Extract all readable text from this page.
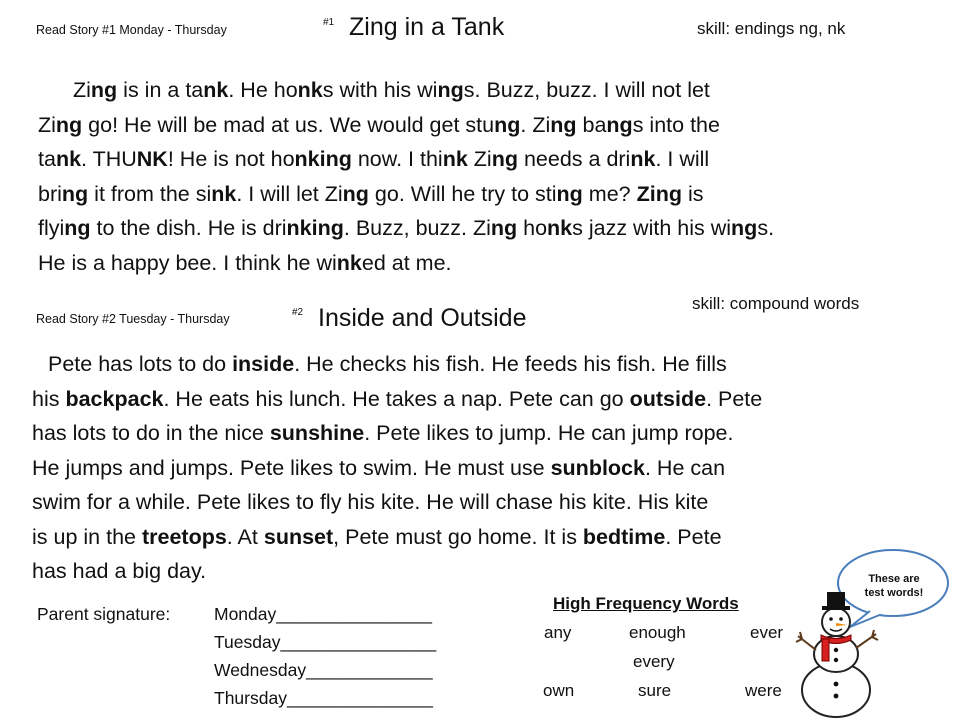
Read Story #1 Monday - Thursday
#1 Zing in a Tank	skill: endings ng, nk
Zing is in a tank. He honks with his wings. Buzz, buzz. I will not let
Zing go! He will be mad at us. We would get stung. Zing bangs into the
tank. THUNK! He is not honking now. I think Zing needs a drink. I will
bring it from the sink. I will let Zing go. Will he try to sting me? Zing is
flying to the dish. He is drinking. Buzz, buzz. Zing honks jazz with his wings.
He is a happy bee. I think he winked at me.
skill: compound words
Read Story #2 Tuesday - Thursday	#2 Inside and Outside
Pete has lots to do inside. He checks his fish. He feeds his fish. He fills
his backpack. He eats his lunch. He takes a nap. Pete can go outside. Pete
has lots to do in the nice sunshine. Pete likes to jump. He can jump rope.
He jumps and jumps. Pete likes to swim. He must use sunblock. He can
swim for a while. Pete likes to fly his kite. He will chase his kite. His kite
is up in the treetops. At sunset, Pete must go home. It is bedtime. Pete
has had a big day.
Parent signature: Monday________________
Tuesday________________
Wednesday_____________
Thursday_______________
High Frequency Words
any	enough	ever
every
own	sure	were
These are
test words!
